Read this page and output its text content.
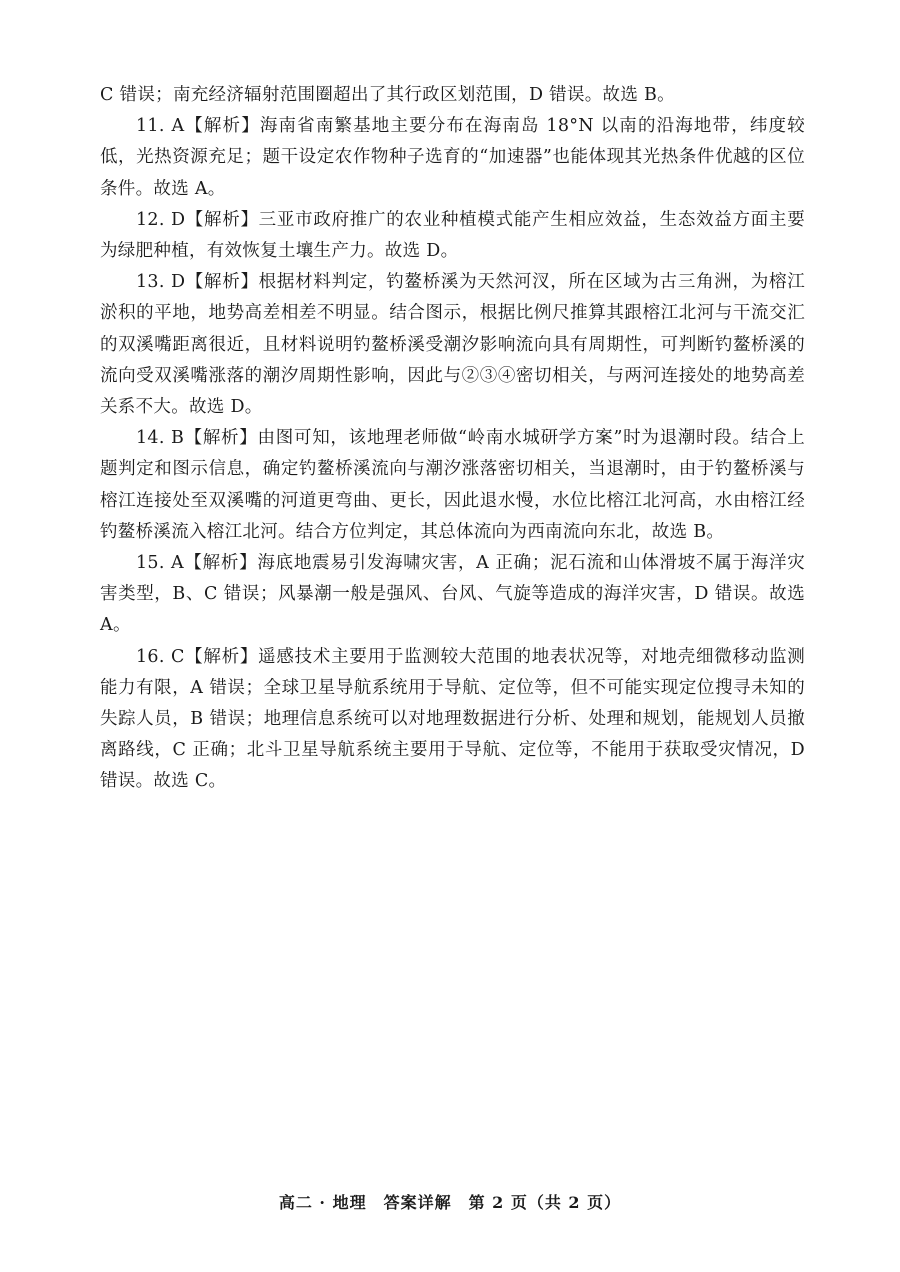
C 错误；南充经济辐射范围圈超出了其行政区划范围，D 错误。故选 B。

11. A【解析】海南省南繁基地主要分布在海南岛 18°N 以南的沿海地带，纬度较低，光热资源充足；题干设定农作物种子选育的“加速器”也能体现其光热条件优越的区位条件。故选 A。

12. D【解析】三亚市政府推广的农业种植模式能产生相应效益，生态效益方面主要为绿肥种植，有效恢复土壤生产力。故选 D。

13. D【解析】根据材料判定，钓鳌桥溪为天然河汊，所在区域为古三角洲，为榕江淤积的平地，地势高差相差不明显。结合图示，根据比例尺推算其跟榕江北河与干流交汇的双溪嘴距离很近，且材料说明钓鳌桥溪受潮汐影响流向具有周期性，可判断钓鳌桥溪的流向受双溪嘴涨落的潮汐周期性影响，因此与②③④密切相关，与两河连接处的地势高差关系不大。故选 D。

14. B【解析】由图可知，该地理老师做“岭南水城研学方案”时为退潮时段。结合上题判定和图示信息，确定钓鳌桥溪流向与潮汐涨落密切相关，当退潮时，由于钓鳌桥溪与榕江连接处至双溪嘴的河道更弯曲、更长，因此退水慢，水位比榕江北河高，水由榕江经钓鳌桥溪流入榕江北河。结合方位判定，其总体流向为西南流向东北，故选 B。

15. A【解析】海底地震易引发海啸灾害，A 正确；泥石流和山体滑坡不属于海洋灾害类型，B、C 错误；风暴潮一般是强风、台风、气旋等造成的海洋灾害，D 错误。故选 A。

16. C【解析】遥感技术主要用于监测较大范围的地表状况等，对地壳细微移动监测能力有限，A 错误；全球卫星导航系统用于导航、定位等，但不可能实现定位搜寻未知的失踪人员，B 错误；地理信息系统可以对地理数据进行分析、处理和规划，能规划人员撤离路线，C 正确；北斗卫星导航系统主要用于导航、定位等，不能用于获取受灾情况，D 错误。故选 C。

高二 · 地理　答案详解　第 2 页（共 2 页）
